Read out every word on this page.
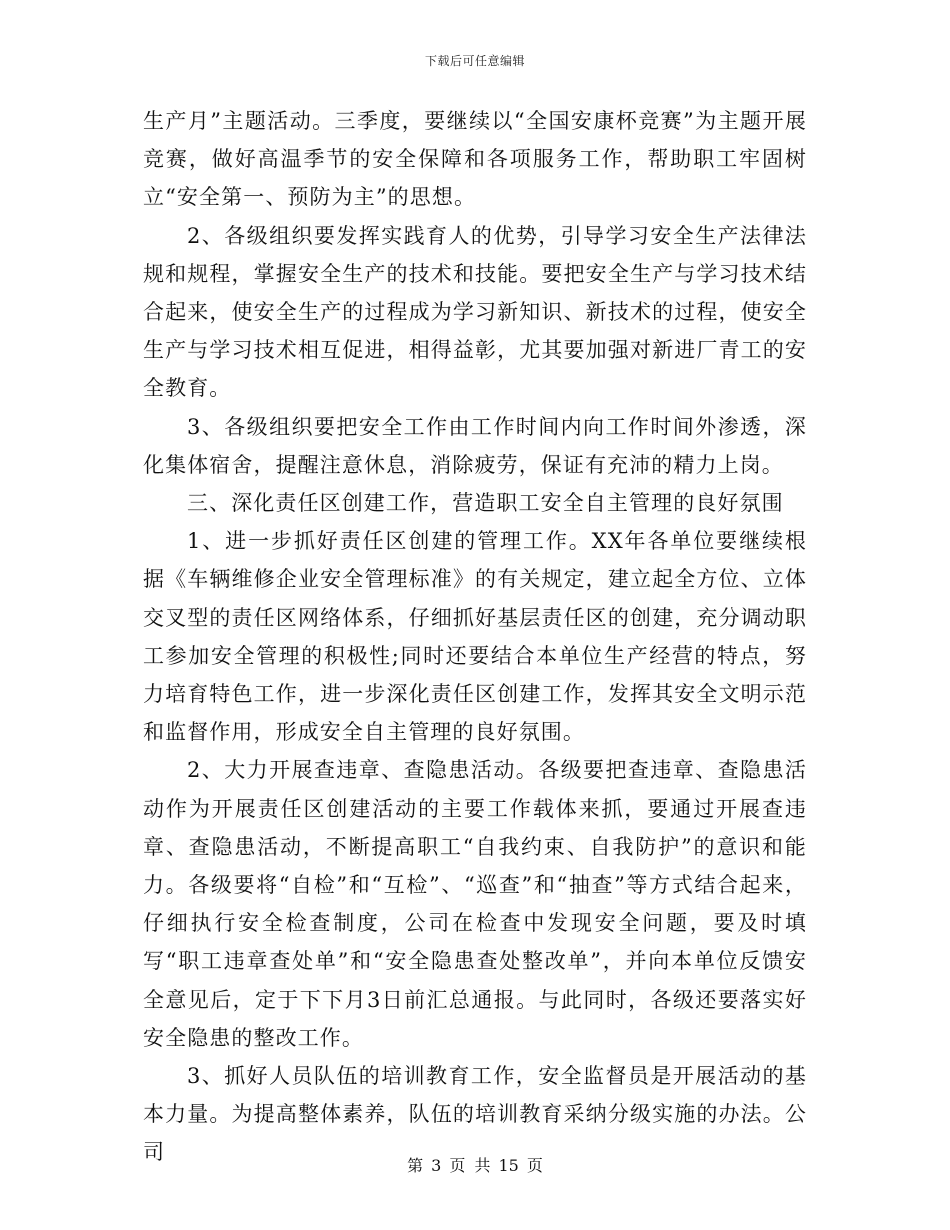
下载后可任意编辑

生产月”主题活动。三季度，要继续以“全国安康杯竞赛”为主题开展竞赛，做好高温季节的安全保障和各项服务工作，帮助职工牢固树立“安全第一、预防为主”的思想。

2、各级组织要发挥实践育人的优势，引导学习安全生产法律法规和规程，掌握安全生产的技术和技能。要把安全生产与学习技术结合起来，使安全生产的过程成为学习新知识、新技术的过程，使安全生产与学习技术相互促进，相得益彰，尤其要加强对新进厂青工的安全教育。

3、各级组织要把安全工作由工作时间内向工作时间外渗透，深化集体宿舍，提醒注意休息，消除疲劳，保证有充沛的精力上岗。

三、深化责任区创建工作，营造职工安全自主管理的良好氛围

1、进一步抓好责任区创建的管理工作。XX年各单位要继续根据《车辆维修企业安全管理标准》的有关规定，建立起全方位、立体交叉型的责任区网络体系，仔细抓好基层责任区的创建，充分调动职工参加安全管理的积极性;同时还要结合本单位生产经营的特点，努力培育特色工作，进一步深化责任区创建工作，发挥其安全文明示范和监督作用，形成安全自主管理的良好氛围。

2、大力开展查违章、查隐患活动。各级要把查违章、查隐患活动作为开展责任区创建活动的主要工作载体来抓，要通过开展查违章、查隐患活动，不断提高职工“自我约束、自我防护”的意识和能力。各级要将“自检”和“互检”、“巡查”和“抽查”等方式结合起来，仔细执行安全检查制度，公司在检查中发现安全问题，要及时填写“职工违章查处单”和“安全隐患查处整改单”，并向本单位反馈安全意见后，定于下下月3日前汇总通报。与此同时，各级还要落实好安全隐患的整改工作。

3、抓好人员队伍的培训教育工作，安全监督员是开展活动的基本力量。为提高整体素养，队伍的培训教育采纳分级实施的办法。公司

第 3 页 共 15 页
